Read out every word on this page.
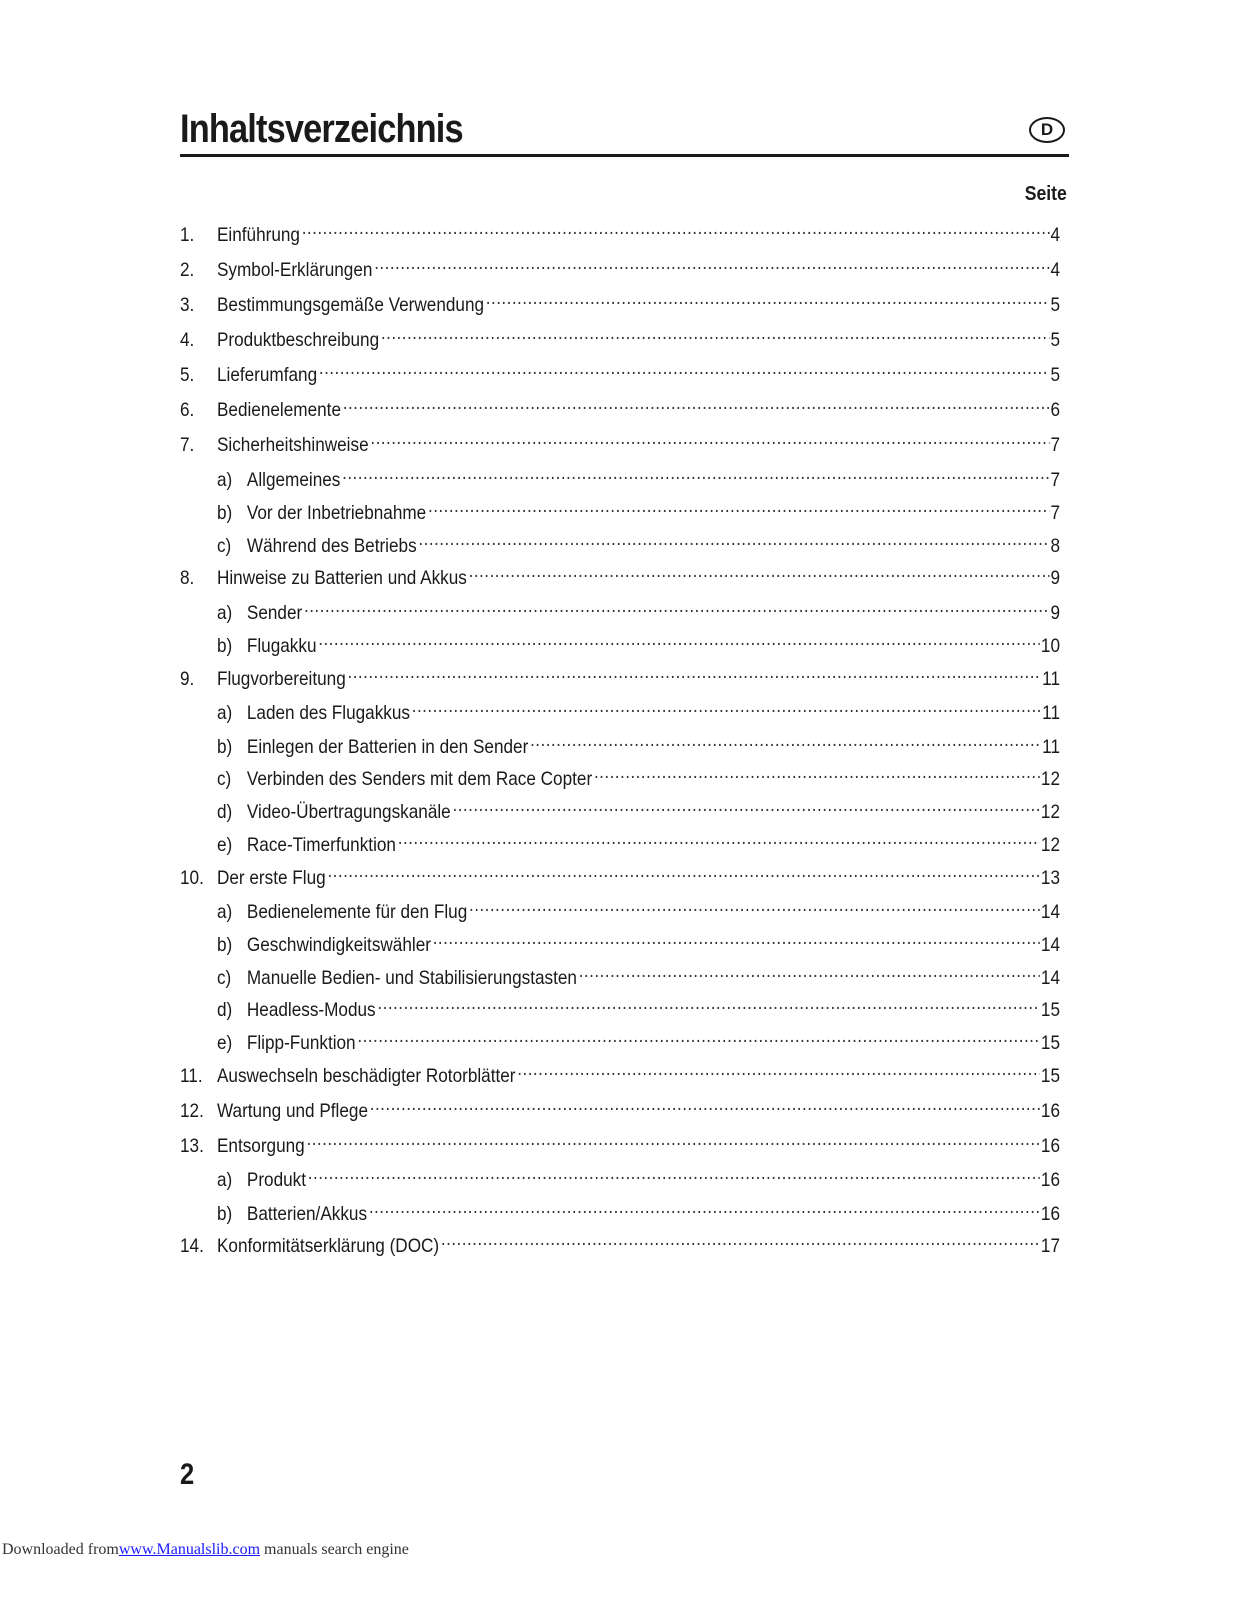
Inhaltsverzeichnis	D
Seite
1.	Einführung .....	4
2.	Symbol-Erklärungen .....	4
3.	Bestimmungsgemäße Verwendung .....	5
4.	Produktbeschreibung .....	5
5.	Lieferumfang .....	5
6.	Bedienelemente .....	6
7.	Sicherheitshinweise .....	7
a) Allgemeines .....	7
b) Vor der Inbetriebnahme .....	7
c) Während des Betriebs .....	8
8.	Hinweise zu Batterien und Akkus .....	9
a) Sender .....	9
b) Flugakku .....	10
9.	Flugvorbereitung .....	11
a) Laden des Flugakkus .....	11
b) Einlegen der Batterien in den Sender .....	11
c) Verbinden des Senders mit dem Race Copter .....	12
d) Video-Übertragungskanäle .....	12
e) Race-Timerfunktion .....	12
10. Der erste Flug .....	13
a) Bedienelemente für den Flug .....	14
b) Geschwindigkeitswähler .....	14
c) Manuelle Bedien- und Stabilisierungstasten .....	14
d) Headless-Modus .....	15
e) Flipp-Funktion .....	15
11. Auswechseln beschädigter Rotorblätter .....	15
12. Wartung und Pflege .....	16
13. Entsorgung .....	16
a) Produkt .....	16
b) Batterien/Akkus .....	16
14. Konformitätserklärung (DOC) .....	17
2
Downloaded fromwww.Manualslib.com manuals search engine
